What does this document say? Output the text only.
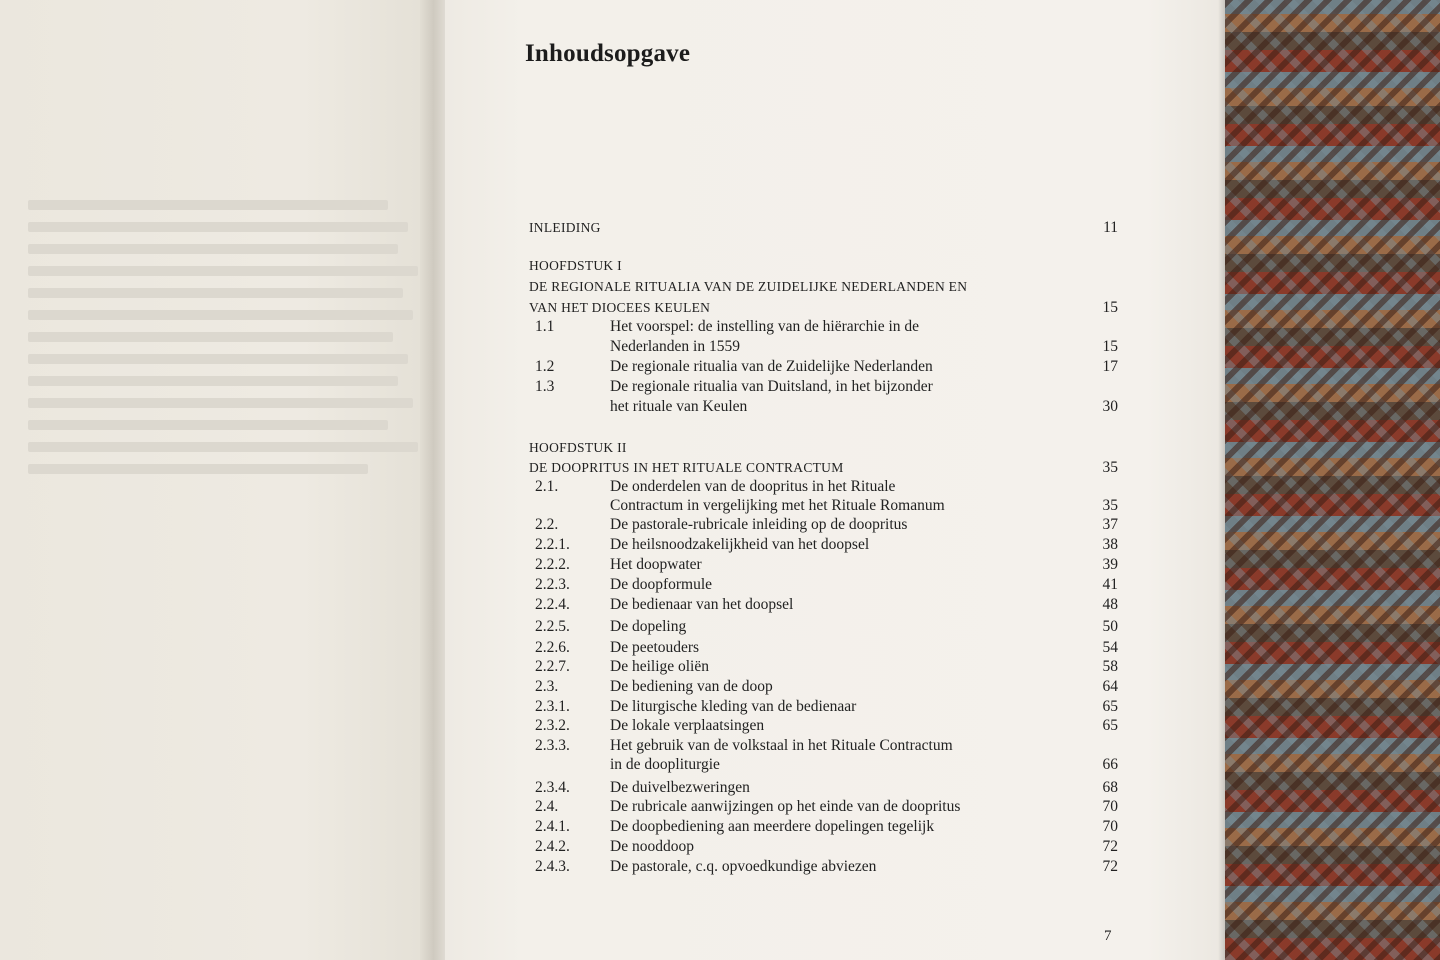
Inhoudsopgave
INLEIDING	11
HOOFDSTUK I
DE REGIONALE RITUALIA VAN DE ZUIDELIJKE NEDERLANDEN EN
VAN HET DIOCEES KEULEN	15
1.1	Het voorspel: de instelling van de hiërarchie in de
Nederlanden in 1559	15
1.2	De regionale ritualia van de Zuidelijke Nederlanden	17
1.3	De regionale ritualia van Duitsland, in het bijzonder
het rituale van Keulen	30
HOOFDSTUK II
DE DOOPRITUS IN HET RITUALE CONTRACTUM	35
2.1.	De onderdelen van de doopritus in het Rituale
Contractum in vergelijking met het Rituale Romanum	35
2.2.	De pastorale-rubricale inleiding op de doopritus	37
2.2.1.	De heilsnoodzakelijkheid van het doopsel	38
2.2.2.	Het doopwater	39
2.2.3.	De doopformule	41
2.2.4.	De bedienaar van het doopsel	48
2.2.5.	De dopeling	50
2.2.6.	De peetouders	54
2.2.7.	De heilige oliën	58
2.3.	De bediening van de doop	64
2.3.1.	De liturgische kleding van de bedienaar	65
2.3.2.	De lokale verplaatsingen	65
2.3.3.	Het gebruik van de volkstaal in het Rituale Contractum
in de doopliturgie	66
2.3.4.	De duivelbezweringen	68
2.4.	De rubricale aanwijzingen op het einde van de doopritus	70
2.4.1.	De doopbediening aan meerdere dopelingen tegelijk	70
2.4.2.	De nooddoop	72
2.4.3.	De pastorale, c.q. opvoedkundige abviezen	72
7
